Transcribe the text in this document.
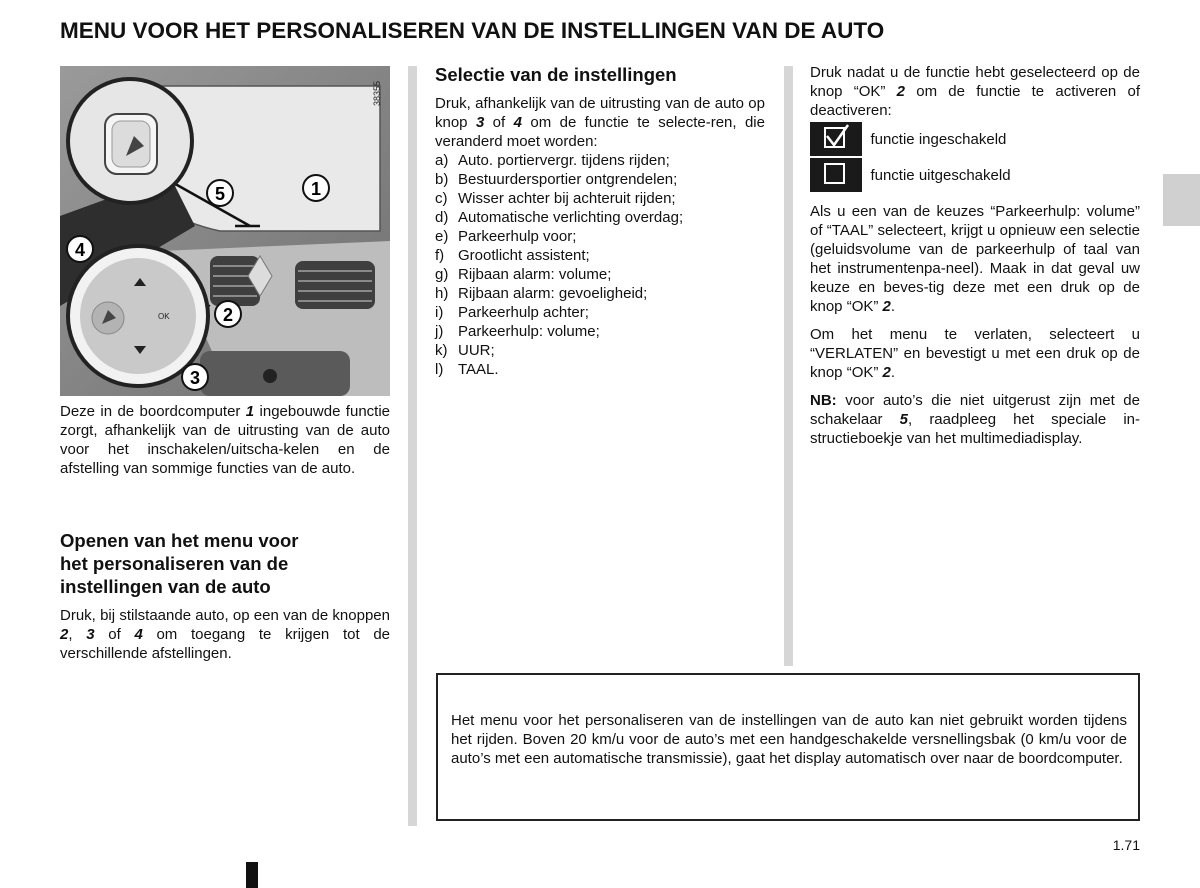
MENU VOOR HET PERSONALISEREN VAN DE INSTELLINGEN VAN DE AUTO
OK
38355
1
2
3
4
5
Deze in de boordcomputer 1 ingebouwde functie zorgt, afhankelijk van de uitrusting van de auto voor het inschakelen/uitscha-kelen en de afstelling van sommige functies van de auto.
Openen van het menu voor
het personaliseren van de
instellingen van de auto
Druk, bij stilstaande auto, op een van de knoppen 2, 3 of 4 om toegang te krijgen tot de verschillende afstellingen.
Selectie van de instellingen
Druk, afhankelijk van de uitrusting van de auto op knop 3 of 4 om de functie te selecte-ren, die veranderd moet worden:
a) Auto. portiervergr. tijdens rijden;
b) Bestuurdersportier ontgrendelen;
c) Wisser achter bij achteruit rijden;
d) Automatische verlichting overdag;
e) Parkeerhulp voor;
f) Grootlicht assistent;
g) Rijbaan alarm: volume;
h) Rijbaan alarm: gevoeligheid;
i) Parkeerhulp achter;
j) Parkeerhulp: volume;
k) UUR;
l) TAAL.
Druk nadat u de functie hebt geselecteerd op de knop “OK” 2 om de functie te activeren of deactiveren:
functie ingeschakeld
functie uitgeschakeld
Als u een van de keuzes “Parkeerhulp: volume” of “TAAL” selecteert, krijgt u opnieuw een selectie (geluidsvolume van de parkeerhulp of taal van het instrumentenpa-neel). Maak in dat geval uw keuze en beves-tig deze met een druk op de knop “OK” 2.
Om het menu te verlaten, selecteert u “VERLATEN” en bevestigt u met een druk op de knop “OK” 2.
NB: voor auto’s die niet uitgerust zijn met de schakelaar 5, raadpleeg het speciale in-structieboekje van het multimediadisplay.
Het menu voor het personaliseren van de instellingen van de auto kan niet gebruikt worden tijdens het rijden. Boven 20 km/u voor de auto’s met een handgeschakelde versnellingsbak (0 km/u voor de auto’s met een automatische transmissie), gaat het display automatisch over naar de boordcomputer.
1.71
